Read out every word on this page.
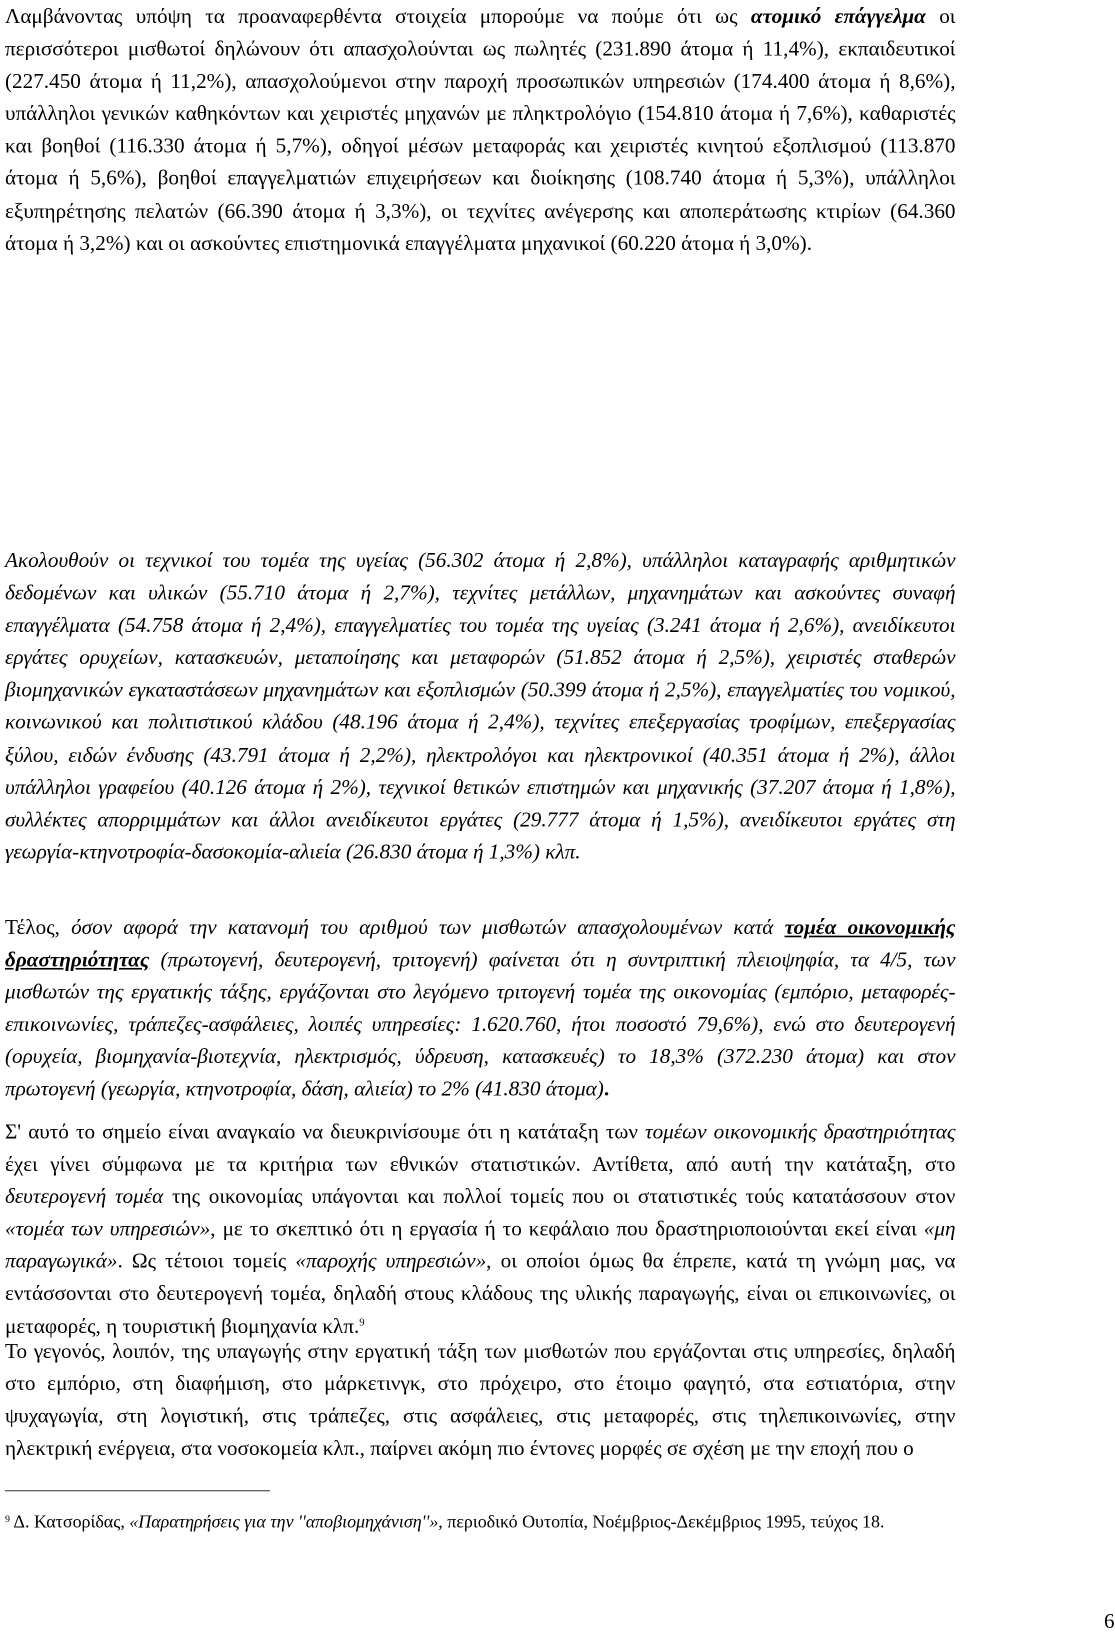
Λαμβάνοντας υπόψη τα προαναφερθέντα στοιχεία μπορούμε να πούμε ότι ως ατομικό επάγγελμα οι περισσότεροι μισθωτοί δηλώνουν ότι απασχολούνται ως πωλητές (231.890 άτομα ή 11,4%), εκπαιδευτικοί (227.450 άτομα ή 11,2%), απασχολούμενοι στην παροχή προσωπικών υπηρεσιών (174.400 άτομα ή 8,6%), υπάλληλοι γενικών καθηκόντων και χειριστές μηχανών με πληκτρολόγιο (154.810 άτομα ή 7,6%), καθαριστές και βοηθοί (116.330 άτομα ή 5,7%), οδηγοί μέσων μεταφοράς και χειριστές κινητού εξοπλισμού (113.870 άτομα ή 5,6%), βοηθοί επαγγελματιών επιχειρήσεων και διοίκησης (108.740 άτομα ή 5,3%), υπάλληλοι εξυπηρέτησης πελατών (66.390 άτομα ή 3,3%), οι τεχνίτες ανέγερσης και αποπεράτωσης κτιρίων (64.360 άτομα ή 3,2%) και οι ασκούντες επιστημονικά επαγγέλματα μηχανικοί (60.220 άτομα ή 3,0%).

Ακολουθούν οι τεχνικοί του τομέα της υγείας (56.302 άτομα ή 2,8%), υπάλληλοι καταγραφής αριθμητικών δεδομένων και υλικών (55.710 άτομα ή 2,7%), τεχνίτες μετάλλων, μηχανημάτων και ασκούντες συναφή επαγγέλματα (54.758 άτομα ή 2,4%), επαγγελματίες του τομέα της υγείας (3.241 άτομα ή 2,6%), ανειδίκευτοι εργάτες ορυχείων, κατασκευών, μεταποίησης και μεταφορών (51.852 άτομα ή 2,5%), χειριστές σταθερών βιομηχανικών εγκαταστάσεων μηχανημάτων και εξοπλισμών (50.399 άτομα ή 2,5%), επαγγελματίες του νομικού, κοινωνικού και πολιτιστικού κλάδου (48.196 άτομα ή 2,4%), τεχνίτες επεξεργασίας τροφίμων, επεξεργασίας ξύλου, ειδών ένδυσης (43.791 άτομα ή 2,2%), ηλεκτρολόγοι και ηλεκτρονικοί (40.351 άτομα ή 2%), άλλοι υπάλληλοι γραφείου (40.126 άτομα ή 2%), τεχνικοί θετικών επιστημών και μηχανικής (37.207 άτομα ή 1,8%), συλλέκτες απορριμμάτων και άλλοι ανειδίκευτοι εργάτες (29.777 άτομα ή 1,5%), ανειδίκευτοι εργάτες στη γεωργία-κτηνοτροφία-δασοκομία-αλιεία (26.830 άτομα ή 1,3%) κλπ.

Τέλος, όσον αφορά την κατανομή του αριθμού των μισθωτών απασχολουμένων κατά τομέα οικονομικής δραστηριότητας (πρωτογενή, δευτερογενή, τριτογενή) φαίνεται ότι η συντριπτική πλειοψηφία, τα 4/5, των μισθωτών της εργατικής τάξης, εργάζονται στο λεγόμενο τριτογενή τομέα της οικονομίας (εμπόριο, μεταφορές-επικοινωνίες, τράπεζες-ασφάλειες, λοιπές υπηρεσίες: 1.620.760, ήτοι ποσοστό 79,6%), ενώ στο δευτερογενή (ορυχεία, βιομηχανία-βιοτεχνία, ηλεκτρισμός, ύδρευση, κατασκευές) το 18,3% (372.230 άτομα) και στον πρωτογενή (γεωργία, κτηνοτροφία, δάση, αλιεία) το 2% (41.830 άτομα).

Σ' αυτό το σημείο είναι αναγκαίο να διευκρινίσουμε ότι η κατάταξη των τομέων οικονομικής δραστηριότητας έχει γίνει σύμφωνα με τα κριτήρια των εθνικών στατιστικών. Αντίθετα, από αυτή την κατάταξη, στο δευτερογενή τομέα της οικονομίας υπάγονται και πολλοί τομείς που οι στατιστικές τούς κατατάσσουν στον «τομέα των υπηρεσιών», με το σκεπτικό ότι η εργασία ή το κεφάλαιο που δραστηριοποιούνται εκεί είναι «μη παραγωγικά». Ως τέτοιοι τομείς «παροχής υπηρεσιών», οι οποίοι όμως θα έπρεπε, κατά τη γνώμη μας, να εντάσσονται στο δευτερογενή τομέα, δηλαδή στους κλάδους της υλικής παραγωγής, είναι οι επικοινωνίες, οι μεταφορές, η τουριστική βιομηχανία κλπ.$^9$

Το γεγονός, λοιπόν, της υπαγωγής στην εργατική τάξη των μισθωτών που εργάζονται στις υπηρεσίες, δηλαδή στο εμπόριο, στη διαφήμιση, στο μάρκετινγκ, στο πρόχειρο, στο έτοιμο φαγητό, στα εστιατόρια, στην ψυχαγωγία, στη λογιστική, στις τράπεζες, στις ασφάλειες, στις μεταφορές, στις τηλεπικοινωνίες, στην ηλεκτρική ενέργεια, στα νοσοκομεία κλπ., παίρνει ακόμη πιο έντονες μορφές σε σχέση με την εποχή που ο

$^9$ Δ. Κατσορίδας, «Παρατηρήσεις για την ''αποβιομηχάνιση''», περιοδικό Ουτοπία, Νοέμβριος-Δεκέμβριος 1995, τεύχος 18.

6
